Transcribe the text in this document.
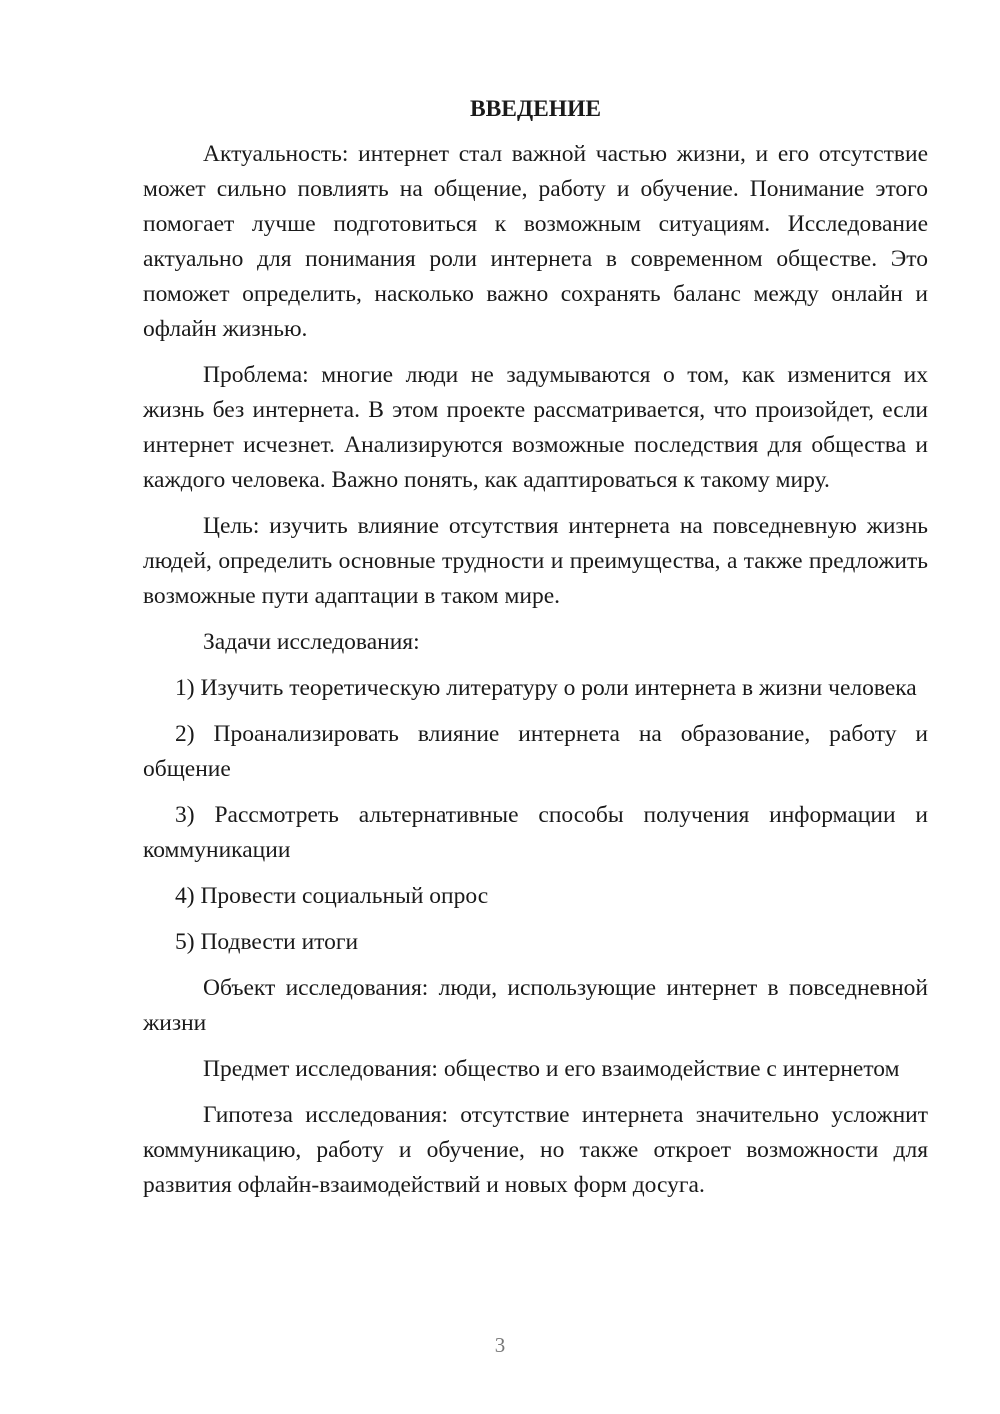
ВВЕДЕНИЕ

Актуальность: интернет стал важной частью жизни, и его отсутствие может сильно повлиять на общение, работу и обучение. Понимание этого помогает лучше подготовиться к возможным ситуациям. Исследование актуально для понимания роли интернета в современном обществе. Это поможет определить, насколько важно сохранять баланс между онлайн и офлайн жизнью.

Проблема: многие люди не задумываются о том, как изменится их жизнь без интернета. В этом проекте рассматривается, что произойдет, если интернет исчезнет. Анализируются возможные последствия для общества и каждого человека. Важно понять, как адаптироваться к такому миру.

Цель: изучить влияние отсутствия интернета на повседневную жизнь людей, определить основные трудности и преимущества, а также предложить возможные пути адаптации в таком мире.

Задачи исследования:

1) Изучить теоретическую литературу о роли интернета в жизни человека

2) Проанализировать влияние интернета на образование, работу и общение

3) Рассмотреть альтернативные способы получения информации и коммуникации

4) Провести социальный опрос

5) Подвести итоги

Объект исследования: люди, использующие интернет в повседневной жизни

Предмет исследования: общество и его взаимодействие с интернетом

Гипотеза исследования: отсутствие интернета значительно усложнит коммуникацию, работу и обучение, но также откроет возможности для развития офлайн-взаимодействий и новых форм досуга.

3
